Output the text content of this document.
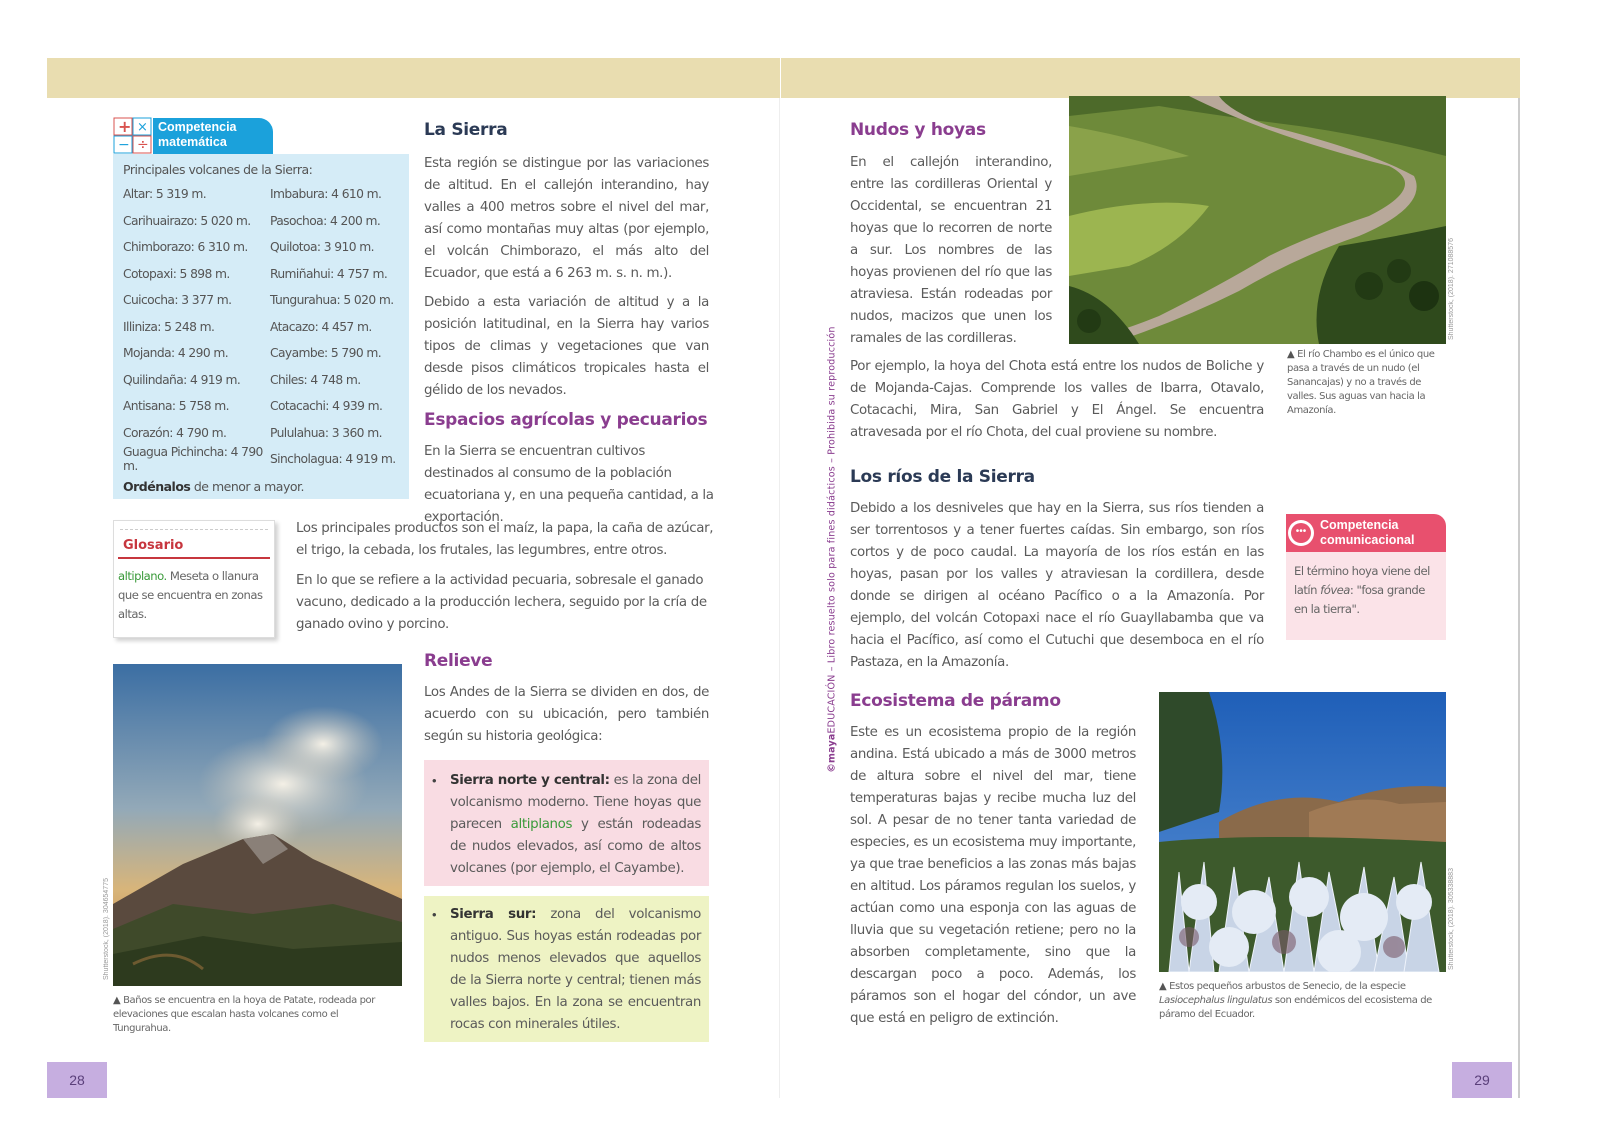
+ ×
− ÷
Competencia
matemática
Principales volcanes de la Sierra:
Altar: 5 319 m.	Imbabura: 4 610 m.
Carihuairazo: 5 020 m.	Pasochoa: 4 200 m.
Chimborazo: 6 310 m.	Quilotoa: 3 910 m.
Cotopaxi: 5 898 m.	Rumiñahui: 4 757 m.
Cuicocha: 3 377 m.	Tungurahua: 5 020 m.
Illiniza: 5 248 m.	Atacazo: 4 457 m.
Mojanda: 4 290 m.	Cayambe: 5 790 m.
Quilindaña: 4 919 m.	Chiles: 4 748 m.
Antisana: 5 758 m.	Cotacachi: 4 939 m.
Corazón: 4 790 m.	Pululahua: 3 360 m.
Guagua Pichincha: 4 790 m.	Sincholagua: 4 919 m.
Ordénalos de menor a mayor.
La Sierra

Esta región se distingue por las variaciones de altitud. En el callejón interandino, hay valles a 400 metros sobre el nivel del mar, así como montañas muy altas (por ejemplo, el volcán Chimborazo, el más alto del Ecuador, que está a 6 263 m. s. n. m.).

Debido a esta variación de altitud y a la posición latitudinal, en la Sierra hay varios tipos de climas y vegetaciones que van desde pisos climáticos tropicales hasta el gélido de los nevados.

Espacios agrícolas y pecuarios

En la Sierra se encuentran cultivos destinados al consumo de la población ecuatoriana y, en una pequeña cantidad, a la exportación.

Los principales productos son el maíz, la papa, la caña de azúcar, el trigo, la cebada, los frutales, las legumbres, entre otros.

En lo que se refiere a la actividad pecuaria, sobresale el ganado vacuno, dedicado a la producción lechera, seguido por la cría de ganado ovino y porcino.

Glosario
altiplano. Meseta o llanura que se encuentra en zonas altas.
Shutterstock, (2018). 304654775
▲ Baños se encuentra en la hoya de Patate, rodeada por elevaciones que escalan hasta volcanes como el Tungurahua.
Relieve

Los Andes de la Sierra se dividen en dos, de acuerdo con su ubicación, pero también según su historia geológica:

•	Sierra norte y central: es la zona del volcanismo moderno. Tiene hoyas que parecen altiplanos y están rodeadas de nudos elevados, así como de altos volcanes (por ejemplo, el Cayambe).

•	Sierra sur: zona del volcanismo antiguo. Sus hoyas están rodeadas por nudos menos elevados que aquellos de la Sierra norte y central; tienen más valles bajos. En la zona se encuentran rocas con minerales útiles.

28
©mayaEDUCACIÓN – Libro resuelto solo para fines didácticos – Prohibida su reproducción
Nudos y hoyas

En el callejón interandino, entre las cordilleras Oriental y Occidental, se encuentran 21 hoyas que lo recorren de norte a sur. Los nombres de las hoyas provienen del río que las atraviesa. Están rodeadas por nudos, macizos que unen los ramales de las cordilleras.

Por ejemplo, la hoya del Chota está entre los nudos de Boliche y de Mojanda-Cajas. Comprende los valles de Ibarra, Otavalo, Cotacachi, Mira, San Gabriel y El Ángel. Se encuentra atravesada por el río Chota, del cual proviene su nombre.

Shutterstock, (2018). 271088576
▲ El río Chambo es el único que pasa a través de un nudo (el Sanancajas) y no a través de valles. Sus aguas van hacia la Amazonía.
Los ríos de la Sierra

Debido a los desniveles que hay en la Sierra, sus ríos tienden a ser torrentosos y a tener fuertes caídas. Sin embargo, son ríos cortos y de poco caudal. La mayoría de los ríos están en las hoyas, pasan por los valles y atraviesan la cordillera, desde donde se dirigen al océano Pacífico o a la Amazonía. Por ejemplo, del volcán Cotopaxi nace el río Guayllabamba que va hacia el Pacífico, así como el Cutuchi que desemboca en el río Pastaza, en la Amazonía.

•••	Competencia
comunicacional
El término hoya viene del latín fóvea: "fosa grande en la tierra".
Ecosistema de páramo

Este es un ecosistema propio de la región andina. Está ubicado a más de 3000 metros de altura sobre el nivel del mar, tiene temperaturas bajas y recibe mucha luz del sol. A pesar de no tener tanta variedad de especies, es un ecosistema muy importante, ya que trae beneficios a las zonas más bajas en altitud. Los páramos regulan los suelos, y actúan como una esponja con las aguas de lluvia que su vegetación retiene; pero no la absorben completamente, sino que la descargan poco a poco. Además, los páramos son el hogar del cóndor, un ave que está en peligro de extinción.

Shutterstock, (2018). 305338883
▲ Estos pequeños arbustos de Senecio, de la especie Lasiocephalus lingulatus son endémicos del ecosistema de páramo del Ecuador.
29
